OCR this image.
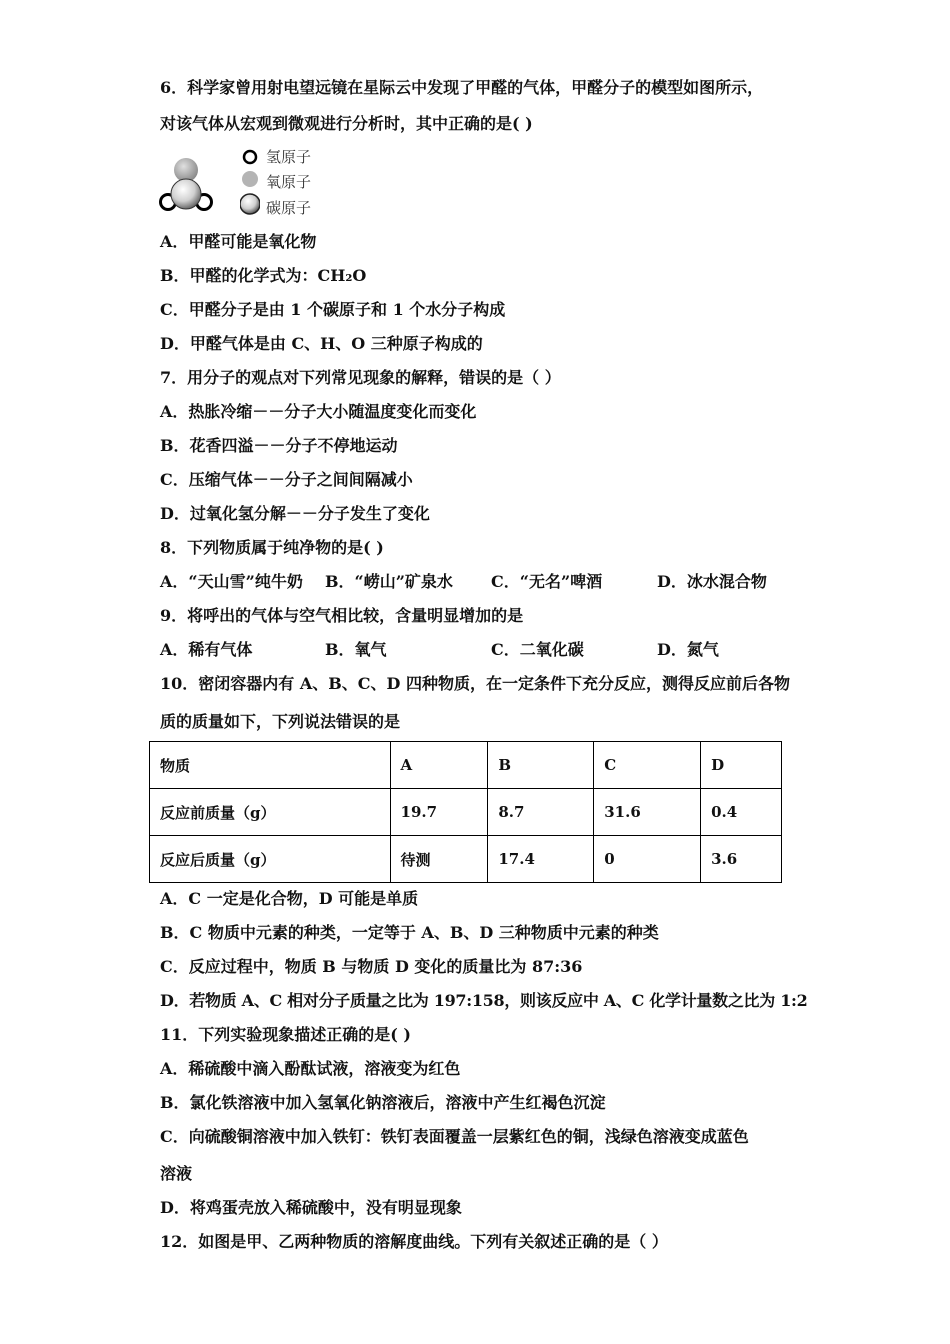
6．科学家曾用射电望远镜在星际云中发现了甲醛的气体，甲醛分子的模型如图所示，
对该气体从宏观到微观进行分析时，其中正确的是( )
氢原子
氧原子
碳原子
A．甲醛可能是氧化物
B．甲醛的化学式为：CH₂O
C．甲醛分子是由 1 个碳原子和 1 个水分子构成
D．甲醛气体是由 C、H、O 三种原子构成的
7．用分子的观点对下列常见现象的解释，错误的是（ ）
A．热胀冷缩－－分子大小随温度变化而变化
B．花香四溢－－分子不停地运动
C．压缩气体－－分子之间间隔减小
D．过氧化氢分解－－分子发生了变化
8．下列物质属于纯净物的是( )
A．“天山雪”纯牛奶 B．“崂山”矿泉水 C．“无名”啤酒	D．冰水混合物
9．将呼出的气体与空气相比较，含量明显增加的是
A．稀有气体	B．氧气	C．二氧化碳	D．氮气
10．密闭容器内有 A、B、C、D 四种物质，在一定条件下充分反应，测得反应前后各物
质的质量如下，下列说法错误的是
物质	A	B	C	D
反应前质量（g）	19.7	8.7	31.6	0.4
反应后质量（g）	待测	17.4	0	3.6
A．C 一定是化合物，D 可能是单质
B．C 物质中元素的种类，一定等于 A、B、D 三种物质中元素的种类
C．反应过程中，物质 B 与物质 D 变化的质量比为 87:36
D．若物质 A、C 相对分子质量之比为 197:158，则该反应中 A、C 化学计量数之比为 1:2
11．下列实验现象描述正确的是( )
A．稀硫酸中滴入酚酞试液，溶液变为红色
B．氯化铁溶液中加入氢氧化钠溶液后，溶液中产生红褐色沉淀
C．向硫酸铜溶液中加入铁钉：铁钉表面覆盖一层紫红色的铜，浅绿色溶液变成蓝色
溶液
D．将鸡蛋壳放入稀硫酸中，没有明显现象
12．如图是甲、乙两种物质的溶解度曲线。下列有关叙述正确的是（ ）
